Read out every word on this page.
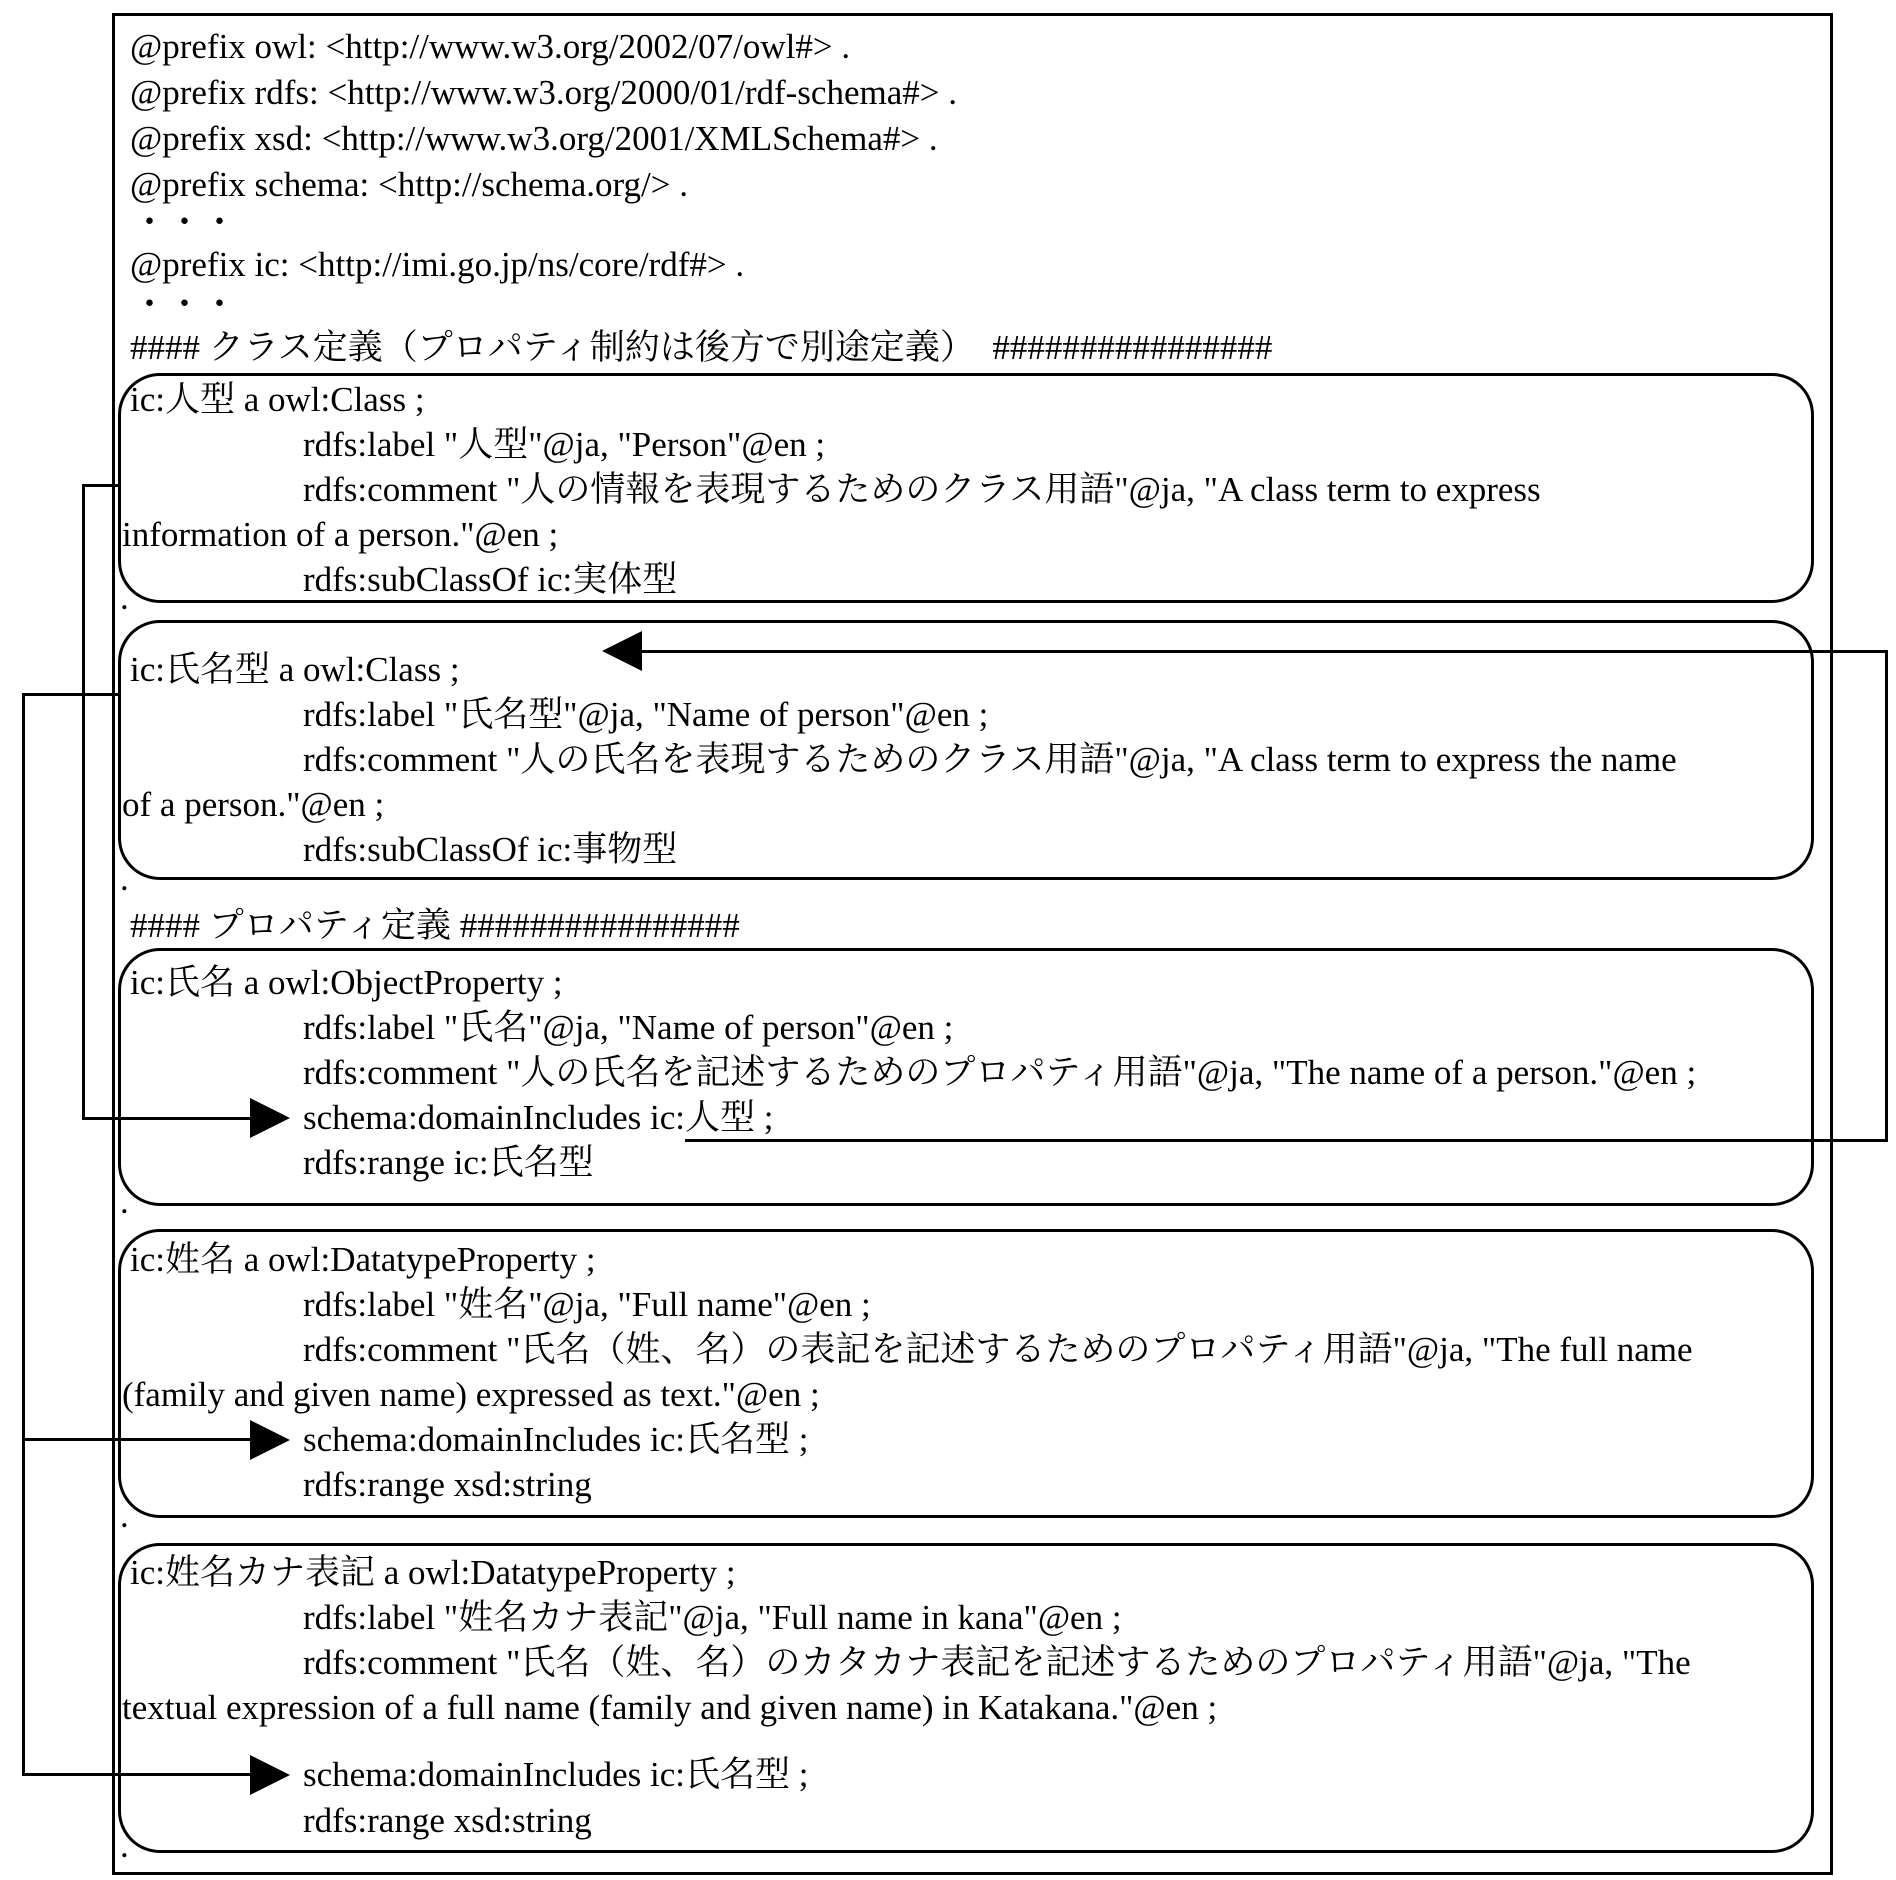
@prefix owl: <http://www.w3.org/2002/07/owl#> .
@prefix rdfs: <http://www.w3.org/2000/01/rdf-schema#> .
@prefix xsd: <http://www.w3.org/2001/XMLSchema#> .
@prefix schema: <http://schema.org/> .
・・・
@prefix ic: <http://imi.go.jp/ns/core/rdf#> .
・・・
#### クラス定義（プロパティ制約は後方で別途定義）　################
ic:人型 a owl:Class ;
rdfs:label "人型"@ja, "Person"@en ;
rdfs:comment "人の情報を表現するためのクラス用語"@ja, "A class term to express
information of a person."@en ;
rdfs:subClassOf ic:実体型
.
ic:氏名型 a owl:Class ;
rdfs:label "氏名型"@ja, "Name of person"@en ;
rdfs:comment "人の氏名を表現するためのクラス用語"@ja, "A class term to express the name
of a person."@en ;
rdfs:subClassOf ic:事物型
.
#### プロパティ定義 ################
ic:氏名 a owl:ObjectProperty ;
rdfs:label "氏名"@ja, "Name of person"@en ;
rdfs:comment "人の氏名を記述するためのプロパティ用語"@ja, "The name of a person."@en ;
schema:domainIncludes ic:人型 ;
rdfs:range ic:氏名型
.
ic:姓名 a owl:DatatypeProperty ;
rdfs:label "姓名"@ja, "Full name"@en ;
rdfs:comment "氏名（姓、名）の表記を記述するためのプロパティ用語"@ja, "The full name
(family and given name) expressed as text."@en ;
schema:domainIncludes ic:氏名型 ;
rdfs:range xsd:string
.
ic:姓名カナ表記 a owl:DatatypeProperty ;
rdfs:label "姓名カナ表記"@ja, "Full name in kana"@en ;
rdfs:comment "氏名（姓、名）のカタカナ表記を記述するためのプロパティ用語"@ja, "The
textual expression of a full name (family and given name) in Katakana."@en ;
schema:domainIncludes ic:氏名型 ;
rdfs:range xsd:string
.
